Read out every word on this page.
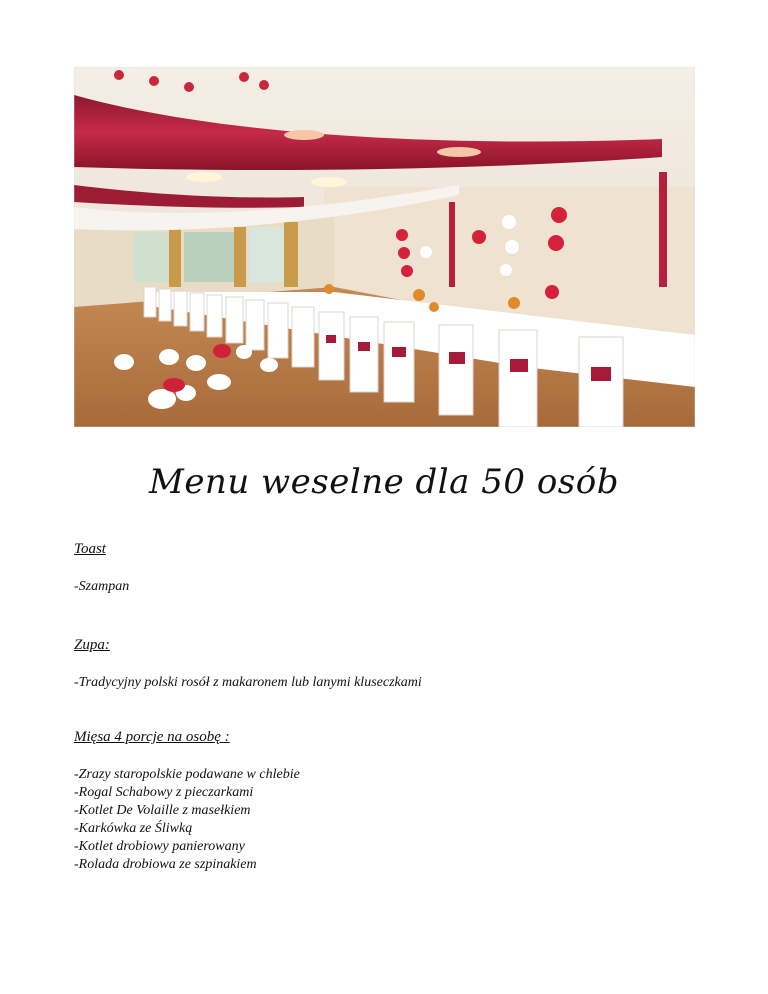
Menu weselne dla 50 osób

Toast

-Szampan

Zupa:

-Tradycyjny polski rosół z makaronem lub lanymi kluseczkami

Mięsa 4 porcje na osobę :

-Zrazy staropolskie podawane w chlebie

-Rogal Schabowy z pieczarkami

-Kotlet De Volaille z masełkiem

-Karkówka ze Śliwką

-Kotlet drobiowy panierowany

-Rolada drobiowa ze szpinakiem
